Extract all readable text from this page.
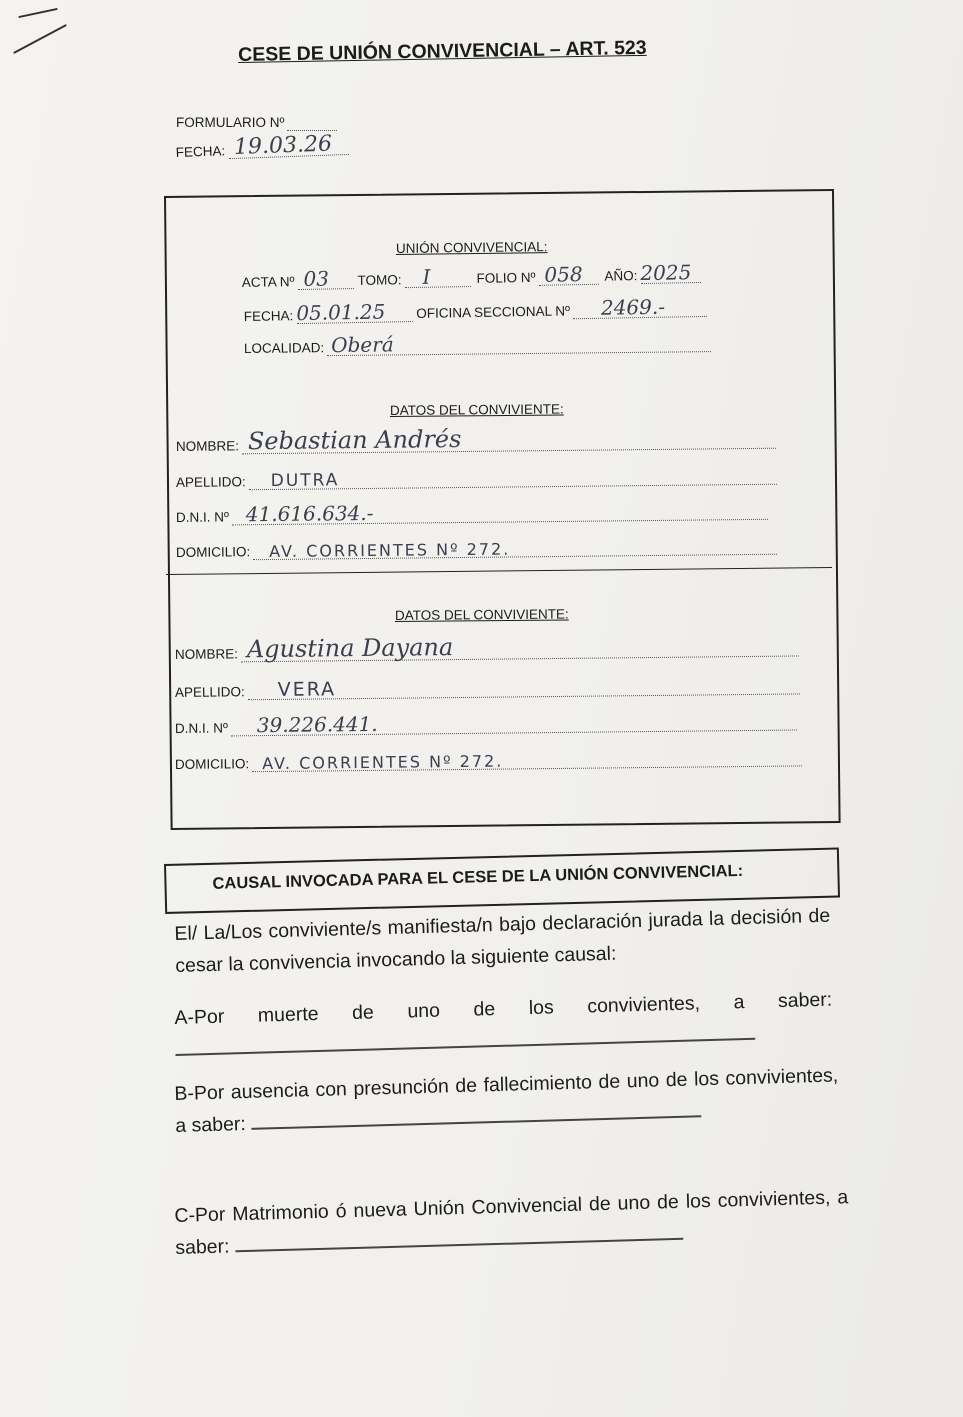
CESE DE UNIÓN CONVIVENCIAL – ART. 523
FORMULARIO Nº
FECHA: 19.03.26
UNIÓN CONVIVENCIAL:
ACTA Nº 03 TOMO: I	FOLIO Nº 058 AÑO: 2025
FECHA: 05.01.25 OFICINA SECCIONAL Nº 2469.-
LOCALIDAD: Oberá
DATOS DEL CONVIVIENTE:
NOMBRE: Sebastian Andrés
APELLIDO: DUTRA
D.N.I. Nº 41.616.634.-
DOMICILIO: AV. CORRIENTES Nº 272.
DATOS DEL CONVIVIENTE:
NOMBRE: Agustina Dayana
APELLIDO: VERA
D.N.I. Nº 39.226.441.
DOMICILIO: AV. CORRIENTES Nº 272.
CAUSAL INVOCADA PARA EL CESE DE LA UNIÓN CONVIVENCIAL:
El/ La/Los conviviente/s manifiesta/n bajo declaración jurada la decisión de cesar la convivencia invocando la siguiente causal:
A-Por muerte de uno de los convivientes, a saber:
B-Por ausencia con presunción de fallecimiento de uno de los convivientes, a saber:
C-Por Matrimonio ó nueva Unión Convivencial de uno de los convivientes, a saber:
